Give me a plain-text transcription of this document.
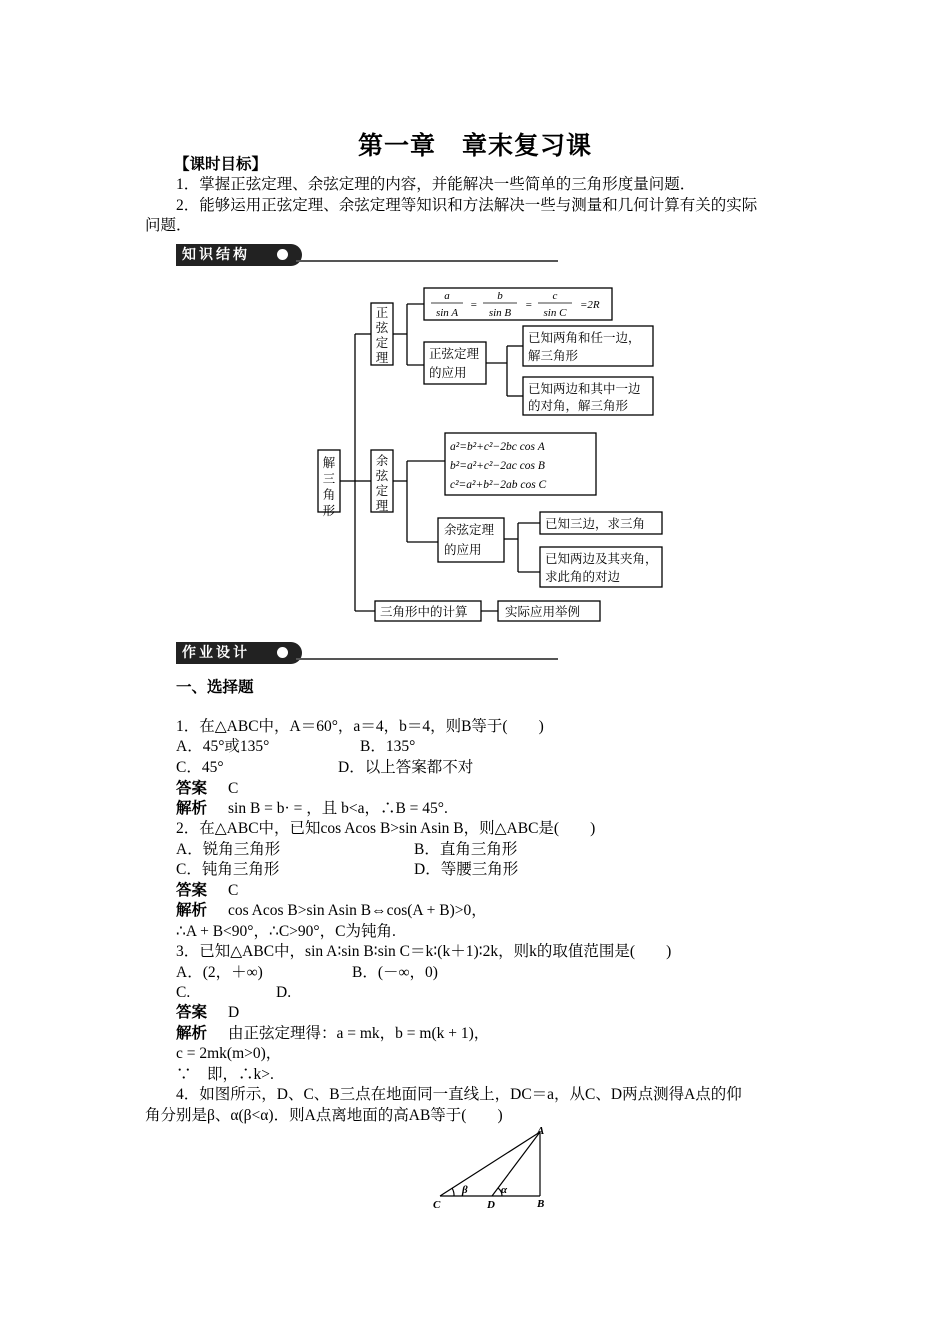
第一章　章末复习课
【课时目标】
1．掌握正弦定理、余弦定理的内容，并能解决一些简单的三角形度量问题．
2．能够运用正弦定理、余弦定理等知识和方法解决一些与测量和几何计算有关的实际
问题．
知识结构
解
三
角
形
正
弦
定
理
余
弦
定
理
a
sin A
b
sin B
c
sin C
=2R
=	=
正弦定理
的应用
已知两角和任一边，
解三角形
已知两边和其中一边
的对角，解三角形
a²=b²+c²−2bc cos A
b²=a²+c²−2ac cos B
c²=a²+b²−2ab cos C
余弦定理
的应用
已知三边，求三角
已知两边及其夹角，
求此角的对边
三角形中的计算	实际应用举例
作业设计
一、选择题
1．在△ABC中，A＝60°，a＝4，b＝4，则B等于(　　)
A．45°或135°	B．135°
C．45°	D．以上答案都不对
答案 C
解析 sin B = b· = ，且 b<a，∴B = 45°.
2．在△ABC中，已知cos Acos B>sin Asin B，则△ABC是(　　)
A．锐角三角形	B．直角三角形
C．钝角三角形	D．等腰三角形
答案 C
解析 cos Acos B>sin Asin B⇔cos(A + B)>0，
∴A + B<90°，∴C>90°，C为钝角.
3．已知△ABC中，sin A∶sin B∶sin C＝k∶(k＋1)∶2k，则k的取值范围是(　　)
A．(2，＋∞)	B．(－∞，0)
C.	D.
答案 D
解析 由正弦定理得：a = mk，b = m(k + 1)，
c = 2mk(m>0)，
∵　即，∴k>.
4．如图所示，D、C、B三点在地面同一直线上，DC＝a，从C、D两点测得A点的仰
角分别是β、α(β<α)．则A点离地面的高AB等于(　　)
A
B
C	D
β	α
